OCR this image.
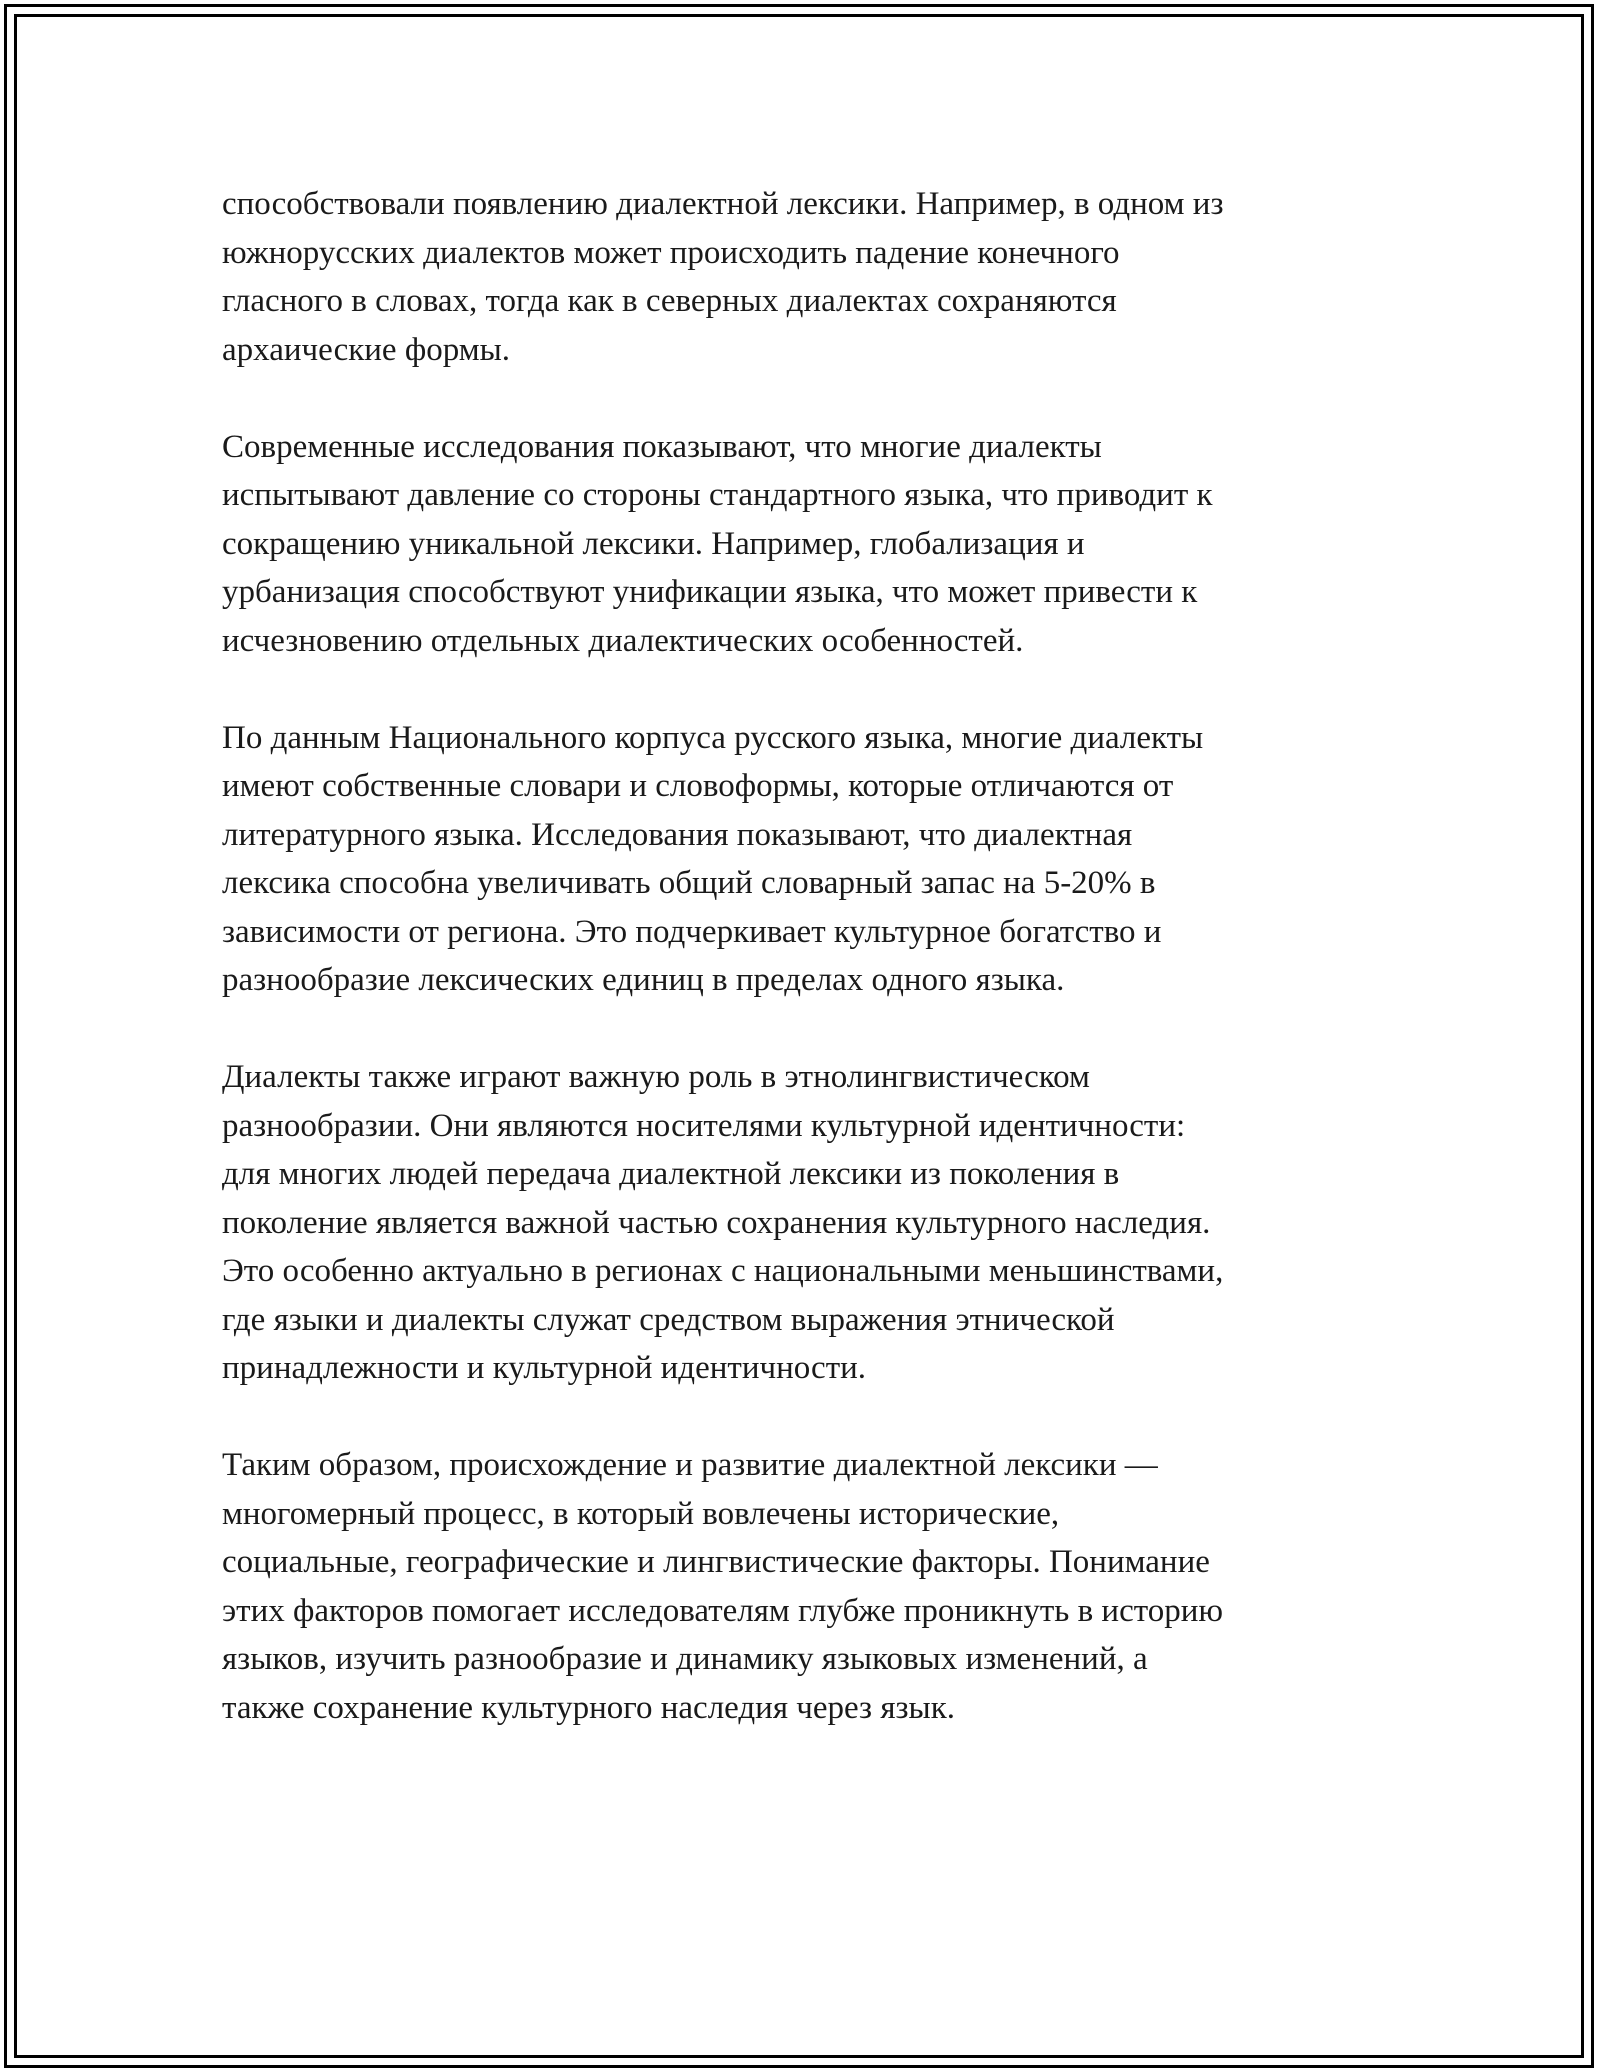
способствовали появлению диалектной лексики. Например, в одном из
южнорусских диалектов может происходить падение конечного
гласного в словах, тогда как в северных диалектах сохраняются
архаические формы.

Современные исследования показывают, что многие диалекты
испытывают давление со стороны стандартного языка, что приводит к
сокращению уникальной лексики. Например, глобализация и
урбанизация способствуют унификации языка, что может привести к
исчезновению отдельных диалектических особенностей.

По данным Национального корпуса русского языка, многие диалекты
имеют собственные словари и словоформы, которые отличаются от
литературного языка. Исследования показывают, что диалектная
лексика способна увеличивать общий словарный запас на 5-20% в
зависимости от региона. Это подчеркивает культурное богатство и
разнообразие лексических единиц в пределах одного языка.

Диалекты также играют важную роль в этнолингвистическом
разнообразии. Они являются носителями культурной идентичности:
для многих людей передача диалектной лексики из поколения в
поколение является важной частью сохранения культурного наследия.
Это особенно актуально в регионах с национальными меньшинствами,
где языки и диалекты служат средством выражения этнической
принадлежности и культурной идентичности.

Таким образом, происхождение и развитие диалектной лексики —
многомерный процесс, в который вовлечены исторические,
социальные, географические и лингвистические факторы. Понимание
этих факторов помогает исследователям глубже проникнуть в историю
языков, изучить разнообразие и динамику языковых изменений, а
также сохранение культурного наследия через язык.
